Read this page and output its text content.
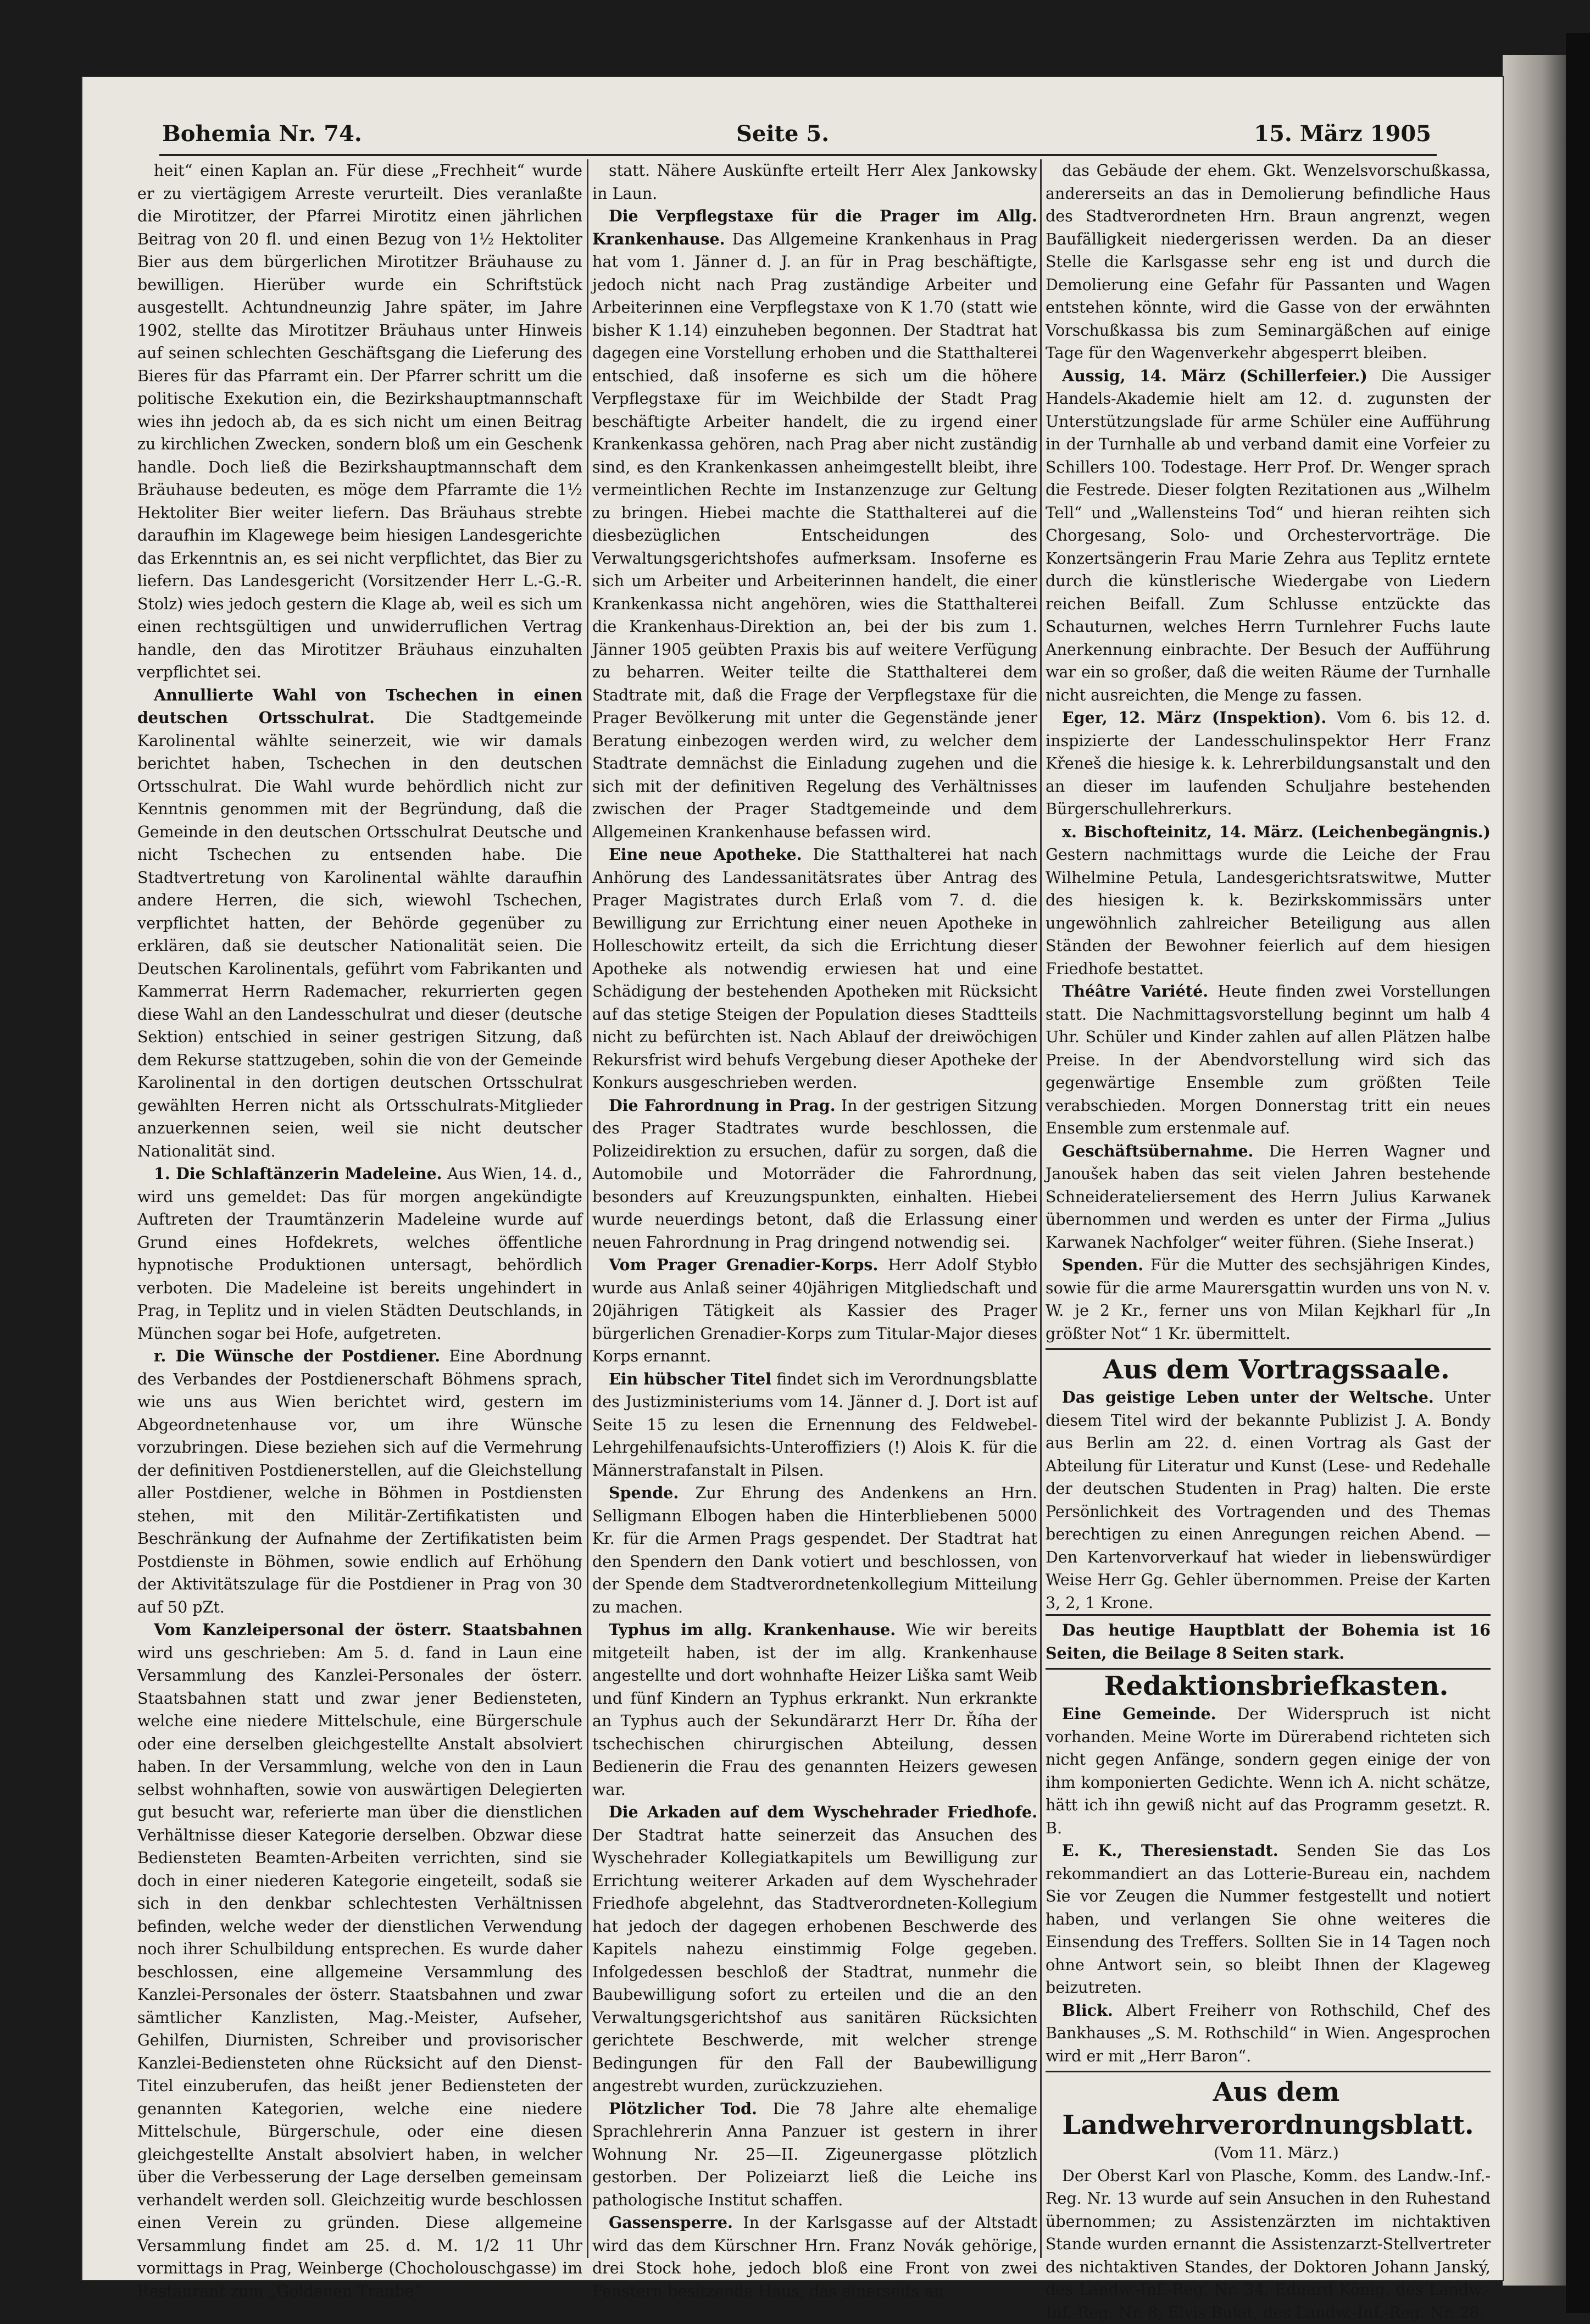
Bohemia Nr. 74.	Seite 5.	15. März 1905

heit“ einen Kaplan an. Für diese „Frechheit“ wurde er zu viertägigem Arreste verurteilt. Dies veranlaßte die Mirotitzer, der Pfarrei Mirotitz einen jährlichen Beitrag von 20 fl. und einen Bezug von 1½ Hektoliter Bier aus dem bürgerlichen Mirotitzer Bräuhause zu bewilligen. Hierüber wurde ein Schriftstück ausgestellt. Achtundneunzig Jahre später, im Jahre 1902, stellte das Mirotitzer Bräuhaus unter Hinweis auf seinen schlechten Geschäftsgang die Lieferung des Bieres für das Pfarramt ein. Der Pfarrer schritt um die politische Exekution ein, die Bezirkshauptmannschaft wies ihn jedoch ab, da es sich nicht um einen Beitrag zu kirchlichen Zwecken, sondern bloß um ein Geschenk handle. Doch ließ die Bezirkshauptmannschaft dem Bräuhause bedeuten, es möge dem Pfarramte die 1½ Hektoliter Bier weiter liefern. Das Bräuhaus strebte daraufhin im Klagewege beim hiesigen Landesgerichte das Erkenntnis an, es sei nicht verpflichtet, das Bier zu liefern. Das Landesgericht (Vorsitzender Herr L.-G.-R. Stolz) wies jedoch gestern die Klage ab, weil es sich um einen rechtsgültigen und unwiderruflichen Vertrag handle, den das Mirotitzer Bräuhaus einzuhalten verpflichtet sei.

Annullierte Wahl von Tschechen in einen deutschen Ortsschulrat. Die Stadtgemeinde Karolinental wählte seinerzeit, wie wir damals berichtet haben, Tschechen in den deutschen Ortsschulrat. Die Wahl wurde behördlich nicht zur Kenntnis genommen mit der Begründung, daß die Gemeinde in den deutschen Ortsschulrat Deutsche und nicht Tschechen zu entsenden habe. Die Stadtvertretung von Karolinental wählte daraufhin andere Herren, die sich, wiewohl Tschechen, verpflichtet hatten, der Behörde gegenüber zu erklären, daß sie deutscher Nationalität seien. Die Deutschen Karolinentals, geführt vom Fabrikanten und Kammerrat Herrn Rademacher, rekurrierten gegen diese Wahl an den Landesschulrat und dieser (deutsche Sektion) entschied in seiner gestrigen Sitzung, daß dem Rekurse stattzugeben, sohin die von der Gemeinde Karolinental in den dortigen deutschen Ortsschulrat gewählten Herren nicht als Ortsschulrats-Mitglieder anzuerkennen seien, weil sie nicht deutscher Nationalität sind.

1. Die Schlaftänzerin Madeleine. Aus Wien, 14. d., wird uns gemeldet: Das für morgen angekündigte Auftreten der Traumtänzerin Madeleine wurde auf Grund eines Hofdekrets, welches öffentliche hypnotische Produktionen untersagt, behördlich verboten. Die Madeleine ist bereits ungehindert in Prag, in Teplitz und in vielen Städten Deutschlands, in München sogar bei Hofe, aufgetreten.

r. Die Wünsche der Postdiener. Eine Abordnung des Verbandes der Postdienerschaft Böhmens sprach, wie uns aus Wien berichtet wird, gestern im Abgeordnetenhause vor, um ihre Wünsche vorzubringen. Diese beziehen sich auf die Vermehrung der definitiven Postdienerstellen, auf die Gleichstellung aller Postdiener, welche in Böhmen in Postdiensten stehen, mit den Militär-Zertifikatisten und Beschränkung der Aufnahme der Zertifikatisten beim Postdienste in Böhmen, sowie endlich auf Erhöhung der Aktivitätszulage für die Postdiener in Prag von 30 auf 50 pZt.

Vom Kanzleipersonal der österr. Staatsbahnen wird uns geschrieben: Am 5. d. fand in Laun eine Versammlung des Kanzlei-Personales der österr. Staatsbahnen statt und zwar jener Bediensteten, welche eine niedere Mittelschule, eine Bürgerschule oder eine derselben gleichgestellte Anstalt absolviert haben. In der Versammlung, welche von den in Laun selbst wohnhaften, sowie von auswärtigen Delegierten gut besucht war, referierte man über die dienstlichen Verhältnisse dieser Kategorie derselben. Obzwar diese Bediensteten Beamten-Arbeiten verrichten, sind sie doch in einer niederen Kategorie eingeteilt, sodaß sie sich in den denkbar schlechtesten Verhältnissen befinden, welche weder der dienstlichen Verwendung noch ihrer Schulbildung entsprechen. Es wurde daher beschlossen, eine allgemeine Versammlung des Kanzlei-Personales der österr. Staatsbahnen und zwar sämtlicher Kanzlisten, Mag.-Meister, Aufseher, Gehilfen, Diurnisten, Schreiber und provisorischer Kanzlei-Bediensteten ohne Rücksicht auf den Dienst-Titel einzuberufen, das heißt jener Bediensteten der genannten Kategorien, welche eine niedere Mittelschule, Bürgerschule, oder eine diesen gleichgestellte Anstalt absolviert haben, in welcher über die Verbesserung der Lage derselben gemeinsam verhandelt werden soll. Gleichzeitig wurde beschlossen einen Verein zu gründen. Diese allgemeine Versammlung findet am 25. d. M. 1/2 11 Uhr vormittags in Prag, Weinberge (Chocholouschgasse) im Restaurant zum „Goldenen Traube“

statt. Nähere Auskünfte erteilt Herr Alex Jankowsky in Laun.

Die Verpflegstaxe für die Prager im Allg. Krankenhause. Das Allgemeine Krankenhaus in Prag hat vom 1. Jänner d. J. an für in Prag beschäftigte, jedoch nicht nach Prag zuständige Arbeiter und Arbeiterinnen eine Verpflegstaxe von K 1.70 (statt wie bisher K 1.14) einzuheben begonnen. Der Stadtrat hat dagegen eine Vorstellung erhoben und die Statthalterei entschied, daß insoferne es sich um die höhere Verpflegstaxe für im Weichbilde der Stadt Prag beschäftigte Arbeiter handelt, die zu irgend einer Krankenkassa gehören, nach Prag aber nicht zuständig sind, es den Krankenkassen anheimgestellt bleibt, ihre vermeintlichen Rechte im Instanzenzuge zur Geltung zu bringen. Hiebei machte die Statthalterei auf die diesbezüglichen Entscheidungen des Verwaltungsgerichtshofes aufmerksam. Insoferne es sich um Arbeiter und Arbeiterinnen handelt, die einer Krankenkassa nicht angehören, wies die Statthalterei die Krankenhaus-Direktion an, bei der bis zum 1. Jänner 1905 geübten Praxis bis auf weitere Verfügung zu beharren. Weiter teilte die Statthalterei dem Stadtrate mit, daß die Frage der Verpflegstaxe für die Prager Bevölkerung mit unter die Gegenstände jener Beratung einbezogen werden wird, zu welcher dem Stadtrate demnächst die Einladung zugehen und die sich mit der definitiven Regelung des Verhältnisses zwischen der Prager Stadtgemeinde und dem Allgemeinen Krankenhause befassen wird.

Eine neue Apotheke. Die Statthalterei hat nach Anhörung des Landessanitätsrates über Antrag des Prager Magistrates durch Erlaß vom 7. d. die Bewilligung zur Errichtung einer neuen Apotheke in Holleschowitz erteilt, da sich die Errichtung dieser Apotheke als notwendig erwiesen hat und eine Schädigung der bestehenden Apotheken mit Rücksicht auf das stetige Steigen der Population dieses Stadtteils nicht zu befürchten ist. Nach Ablauf der dreiwöchigen Rekursfrist wird behufs Vergebung dieser Apotheke der Konkurs ausgeschrieben werden.

Die Fahrordnung in Prag. In der gestrigen Sitzung des Prager Stadtrates wurde beschlossen, die Polizeidirektion zu ersuchen, dafür zu sorgen, daß die Automobile und Motorräder die Fahrordnung, besonders auf Kreuzungspunkten, einhalten. Hiebei wurde neuerdings betont, daß die Erlassung einer neuen Fahrordnung in Prag dringend notwendig sei.

Vom Prager Grenadier-Korps. Herr Adolf Stybło wurde aus Anlaß seiner 40jährigen Mitgliedschaft und 20jährigen Tätigkeit als Kassier des Prager bürgerlichen Grenadier-Korps zum Titular-Major dieses Korps ernannt.

Ein hübscher Titel findet sich im Verordnungsblatte des Justizministeriums vom 14. Jänner d. J. Dort ist auf Seite 15 zu lesen die Ernennung des Feldwebel-Lehrgehilfenaufsichts-Unteroffiziers (!) Alois K. für die Männerstrafanstalt in Pilsen.

Spende. Zur Ehrung des Andenkens an Hrn. Selligmann Elbogen haben die Hinterbliebenen 5000 Kr. für die Armen Prags gespendet. Der Stadtrat hat den Spendern den Dank votiert und beschlossen, von der Spende dem Stadtverordnetenkollegium Mitteilung zu machen.

Typhus im allg. Krankenhause. Wie wir bereits mitgeteilt haben, ist der im allg. Krankenhause angestellte und dort wohnhafte Heizer Liška samt Weib und fünf Kindern an Typhus erkrankt. Nun erkrankte an Typhus auch der Sekundärarzt Herr Dr. Říha der tschechischen chirurgischen Abteilung, dessen Bedienerin die Frau des genannten Heizers gewesen war.

Die Arkaden auf dem Wyschehrader Friedhofe. Der Stadtrat hatte seinerzeit das Ansuchen des Wyschehrader Kollegiatkapitels um Bewilligung zur Errichtung weiterer Arkaden auf dem Wyschehrader Friedhofe abgelehnt, das Stadtverordneten-Kollegium hat jedoch der dagegen erhobenen Beschwerde des Kapitels nahezu einstimmig Folge gegeben. Infolgedessen beschloß der Stadtrat, nunmehr die Baubewilligung sofort zu erteilen und die an den Verwaltungsgerichtshof aus sanitären Rücksichten gerichtete Beschwerde, mit welcher strenge Bedingungen für den Fall der Baubewilligung angestrebt wurden, zurückzuziehen.

Plötzlicher Tod. Die 78 Jahre alte ehemalige Sprachlehrerin Anna Panzuer ist gestern in ihrer Wohnung Nr. 25—II. Zigeunergasse plötzlich gestorben. Der Polizeiarzt ließ die Leiche ins pathologische Institut schaffen.

Gassensperre. In der Karlsgasse auf der Altstadt wird das dem Kürschner Hrn. Franz Novák gehörige, drei Stock hohe, jedoch bloß eine Front von zwei Fenstern besitzende Haus, das einerseits an

das Gebäude der ehem. Gkt. Wenzelsvorschußkassa, andererseits an das in Demolierung befindliche Haus des Stadtverordneten Hrn. Braun angrenzt, wegen Baufälligkeit niedergerissen werden. Da an dieser Stelle die Karlsgasse sehr eng ist und durch die Demolierung eine Gefahr für Passanten und Wagen entstehen könnte, wird die Gasse von der erwähnten Vorschußkassa bis zum Seminargäßchen auf einige Tage für den Wagenverkehr abgesperrt bleiben.

Aussig, 14. März (Schillerfeier.) Die Aussiger Handels-Akademie hielt am 12. d. zugunsten der Unterstützungslade für arme Schüler eine Aufführung in der Turnhalle ab und verband damit eine Vorfeier zu Schillers 100. Todestage. Herr Prof. Dr. Wenger sprach die Festrede. Dieser folgten Rezitationen aus „Wilhelm Tell“ und „Wallensteins Tod“ und hieran reihten sich Chorgesang, Solo- und Orchestervorträge. Die Konzertsängerin Frau Marie Zehra aus Teplitz erntete durch die künstlerische Wiedergabe von Liedern reichen Beifall. Zum Schlusse entzückte das Schauturnen, welches Herrn Turnlehrer Fuchs laute Anerkennung einbrachte. Der Besuch der Aufführung war ein so großer, daß die weiten Räume der Turnhalle nicht ausreichten, die Menge zu fassen.

Eger, 12. März (Inspektion). Vom 6. bis 12. d. inspizierte der Landesschulinspektor Herr Franz Křeneš die hiesige k. k. Lehrerbildungsanstalt und den an dieser im laufenden Schuljahre bestehenden Bürgerschullehrerkurs.

x. Bischofteinitz, 14. März. (Leichenbegängnis.) Gestern nachmittags wurde die Leiche der Frau Wilhelmine Petula, Landesgerichtsratswitwe, Mutter des hiesigen k. k. Bezirkskommissärs unter ungewöhnlich zahlreicher Beteiligung aus allen Ständen der Bewohner feierlich auf dem hiesigen Friedhofe bestattet.

Théâtre Variété. Heute finden zwei Vorstellungen statt. Die Nachmittagsvorstellung beginnt um halb 4 Uhr. Schüler und Kinder zahlen auf allen Plätzen halbe Preise. In der Abendvorstellung wird sich das gegenwärtige Ensemble zum größten Teile verabschieden. Morgen Donnerstag tritt ein neues Ensemble zum erstenmale auf.

Geschäftsübernahme. Die Herren Wagner und Janoušek haben das seit vielen Jahren bestehende Schneiderateliersement des Herrn Julius Karwanek übernommen und werden es unter der Firma „Julius Karwanek Nachfolger“ weiter führen. (Siehe Inserat.)

Spenden. Für die Mutter des sechsjährigen Kindes, sowie für die arme Maurersgattin wurden uns von N. v. W. je 2 Kr., ferner uns von Milan Kejkharl für „In größter Not“ 1 Kr. übermittelt.

Aus dem Vortragssaale.

Das geistige Leben unter der Weltsche. Unter diesem Titel wird der bekannte Publizist J. A. Bondy aus Berlin am 22. d. einen Vortrag als Gast der Abteilung für Literatur und Kunst (Lese- und Redehalle der deutschen Studenten in Prag) halten. Die erste Persönlichkeit des Vortragenden und des Themas berechtigen zu einen Anregungen reichen Abend. — Den Kartenvorverkauf hat wieder in liebenswürdiger Weise Herr Gg. Gehler übernommen. Preise der Karten 3, 2, 1 Krone.

Das heutige Hauptblatt der Bohemia ist 16 Seiten, die Beilage 8 Seiten stark.

Redaktionsbriefkasten.

Eine Gemeinde. Der Widerspruch ist nicht vorhanden. Meine Worte im Dürerabend richteten sich nicht gegen Anfänge, sondern gegen einige der von ihm komponierten Gedichte. Wenn ich A. nicht schätze, hätt ich ihn gewiß nicht auf das Programm gesetzt. R. B.

E. K., Theresienstadt. Senden Sie das Los rekommandiert an das Lotterie-Bureau ein, nachdem Sie vor Zeugen die Nummer festgestellt und notiert haben, und verlangen Sie ohne weiteres die Einsendung des Treffers. Sollten Sie in 14 Tagen noch ohne Antwort sein, so bleibt Ihnen der Klageweg beizutreten.

Blick. Albert Freiherr von Rothschild, Chef des Bankhauses „S. M. Rothschild“ in Wien. Angesprochen wird er mit „Herr Baron“.

Aus dem Landwehrverordnungsblatt.

(Vom 11. März.)

Der Oberst Karl von Plasche, Komm. des Landw.-Inf.-Reg. Nr. 13 wurde auf sein Ansuchen in den Ruhestand übernommen; zu Assistenzärzten im nichtaktiven Stande wurden ernannt die Assistenzarzt-Stellvertreter des nichtaktiven Standes, der Doktoren Johann Janský, des Landw.-Inf.-Reg. Nr. 34, Eduard König, des Landw.-Inf.-Reg. Nr. 8, Elvis Bulat, des Landw.-Inf.-Reg. Nr. 28.
